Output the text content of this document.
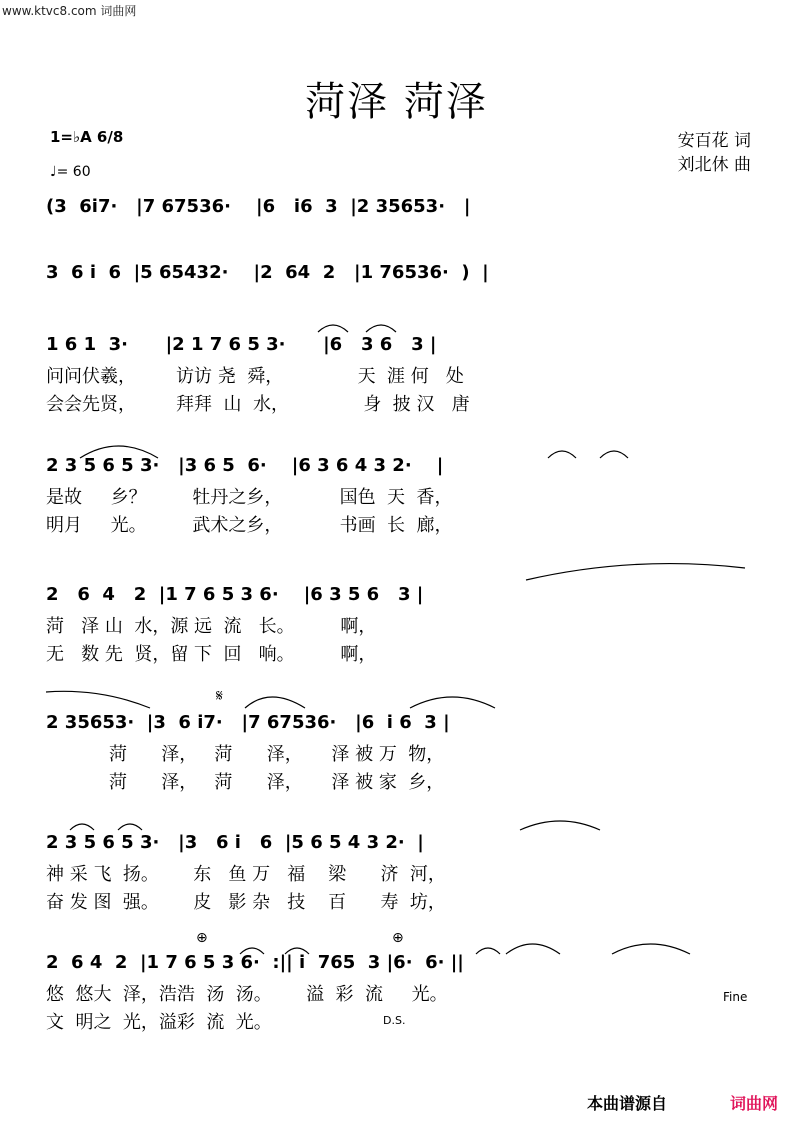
www.ktvc8.com 词曲网
菏泽 菏泽
安百花 词
刘北休 曲
1=♭A 6/8
♩= 60
(3  6i7·   |7 67536·    |6   i6  3  |2 35653·   |
3  6 i  6  |5 65432·    |2  64  2   |1 76536·  )  |
1 6 1  3·      |2 1 7 6 5 3·      |6   3 6   3 |
问问伏羲，       访访 尧  舜，             天  涯 何   处
会会先贤，       拜拜  山  水，             身  披 汉   唐
2 3 5 6 5 3·   |3 6 5  6·    |6 3 6 4 3 2·    |
是故     乡？        牡丹之乡，          国色  天  香，
明月     光。        武术之乡，          书画  长  廊，
2   6  4   2  |1 7 6 5 3 6·    |6 3 5 6   3 |
菏   泽 山  水，源 远  流   长。        啊，
无   数 先  贤，留 下  回   响。        啊，
2 35653·  |3  6 i7·   |7 67536·   |6  i 6  3 |
菏      泽，   菏      泽，     泽 被 万  物，
菏      泽，   菏      泽，     泽 被 家  乡，
2 3 5 6 5 3·   |3   6 i   6  |5 6 5 4 3 2·  |
神 采 飞  扬。      东   鱼 万   福    梁      济  河，
奋 发 图  强。      皮   影 杂   技    百      寿  坊，
2  6 4  2  |1 7 6 5 3 6·  :|| i  765  3 |6·  6· ||
悠  悠大  泽，浩浩  汤  汤。      溢  彩  流     光。
文  明之  光，溢彩  流  光。
𝄋
⊕	⊕
D.S.
Fine
本曲谱源自	词曲网
